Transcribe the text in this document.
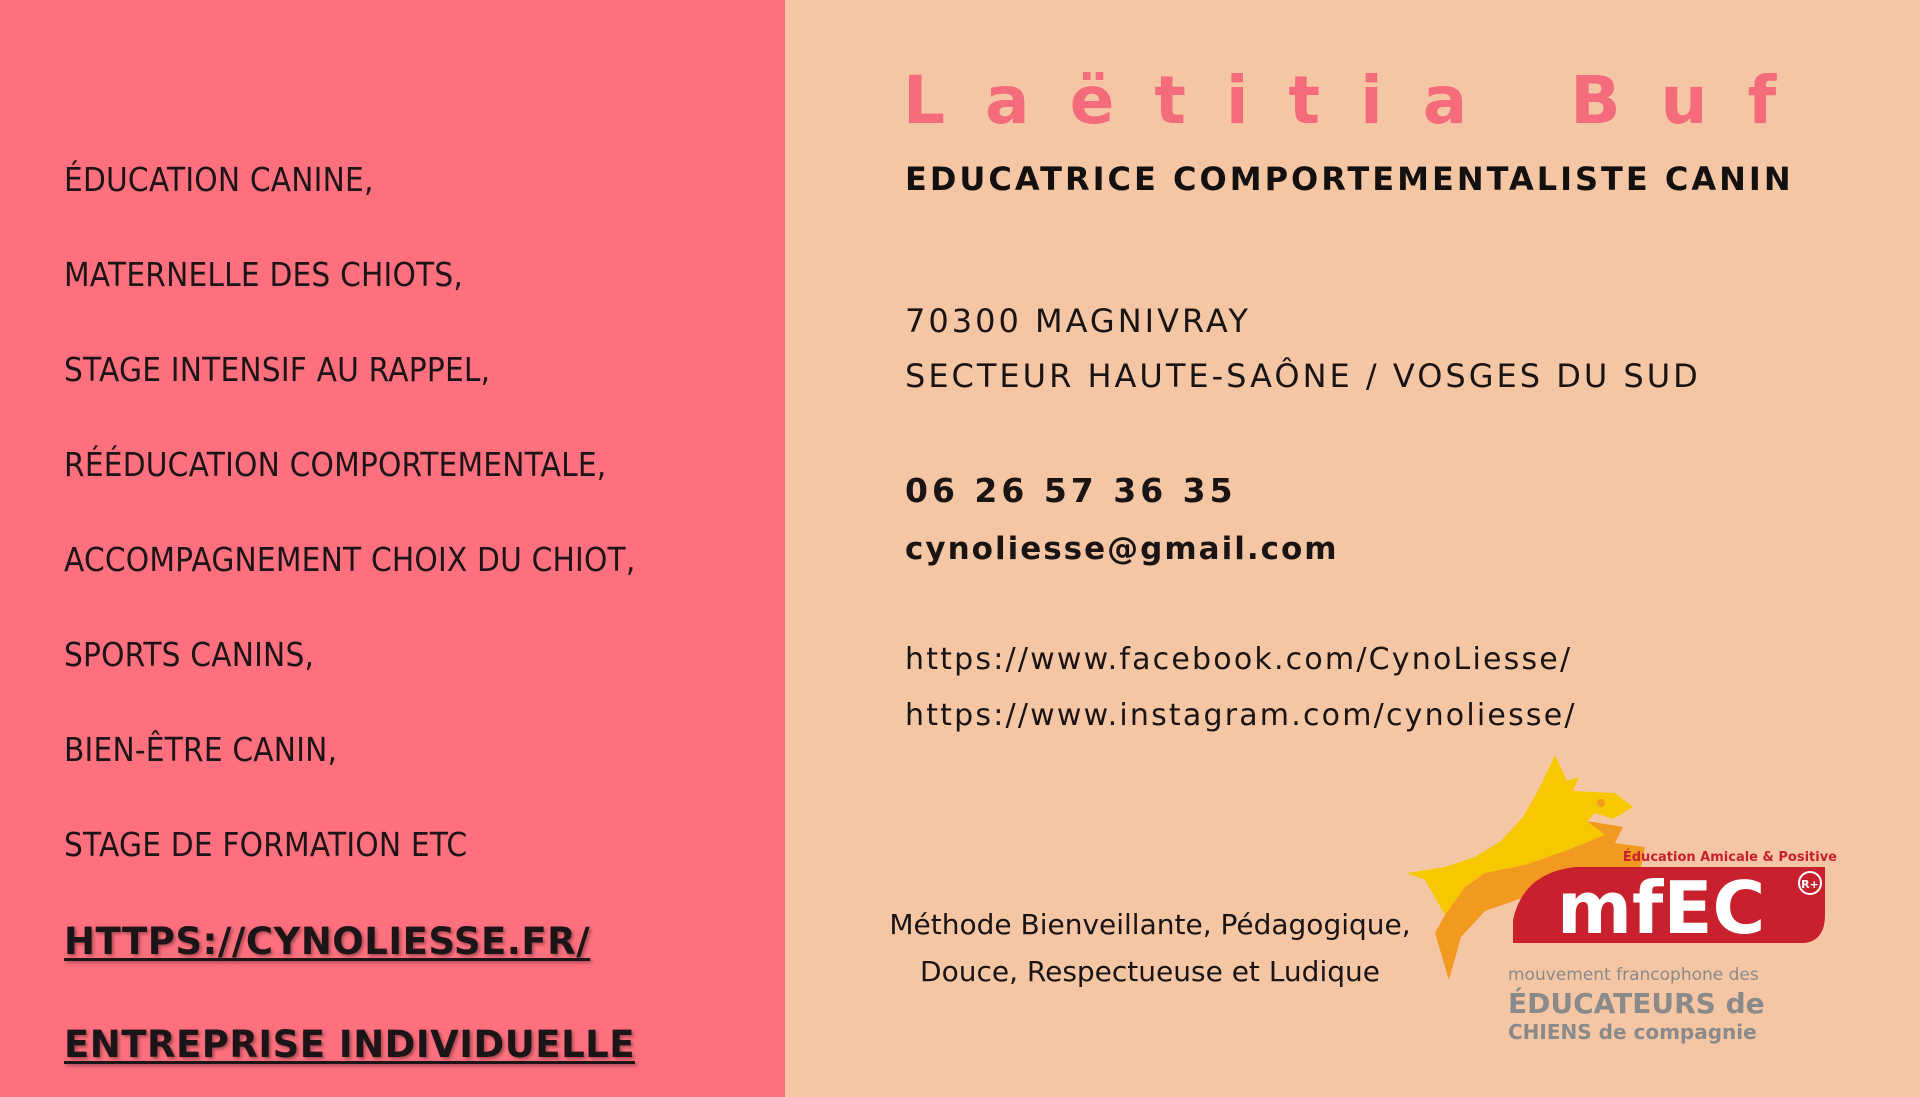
ÉDUCATION CANINE,

MATERNELLE DES CHIOTS,

STAGE INTENSIF AU RAPPEL,

RÉÉDUCATION COMPORTEMENTALE,

ACCOMPAGNEMENT CHOIX DU CHIOT,

SPORTS CANINS,

BIEN-ÊTRE CANIN,

STAGE DE FORMATION ETC

HTTPS://CYNOLIESSE.FR/

ENTREPRISE INDIVIDUELLE

Laëtitia Buf

EDUCATRICE COMPORTEMENTALISTE CANIN

70300 MAGNIVRAY

SECTEUR HAUTE-SAÔNE / VOSGES DU SUD

06 26 57 36 35

cynoliesse@gmail.com

https://www.facebook.com/CynoLiesse/

https://www.instagram.com/cynoliesse/

Méthode Bienveillante, Pédagogique,

Douce, Respectueuse et Ludique

Éducation Amicale & Positive
mfEC	R+
mouvement francophone des
ÉDUCATEURS de
CHIENS de compagnie
